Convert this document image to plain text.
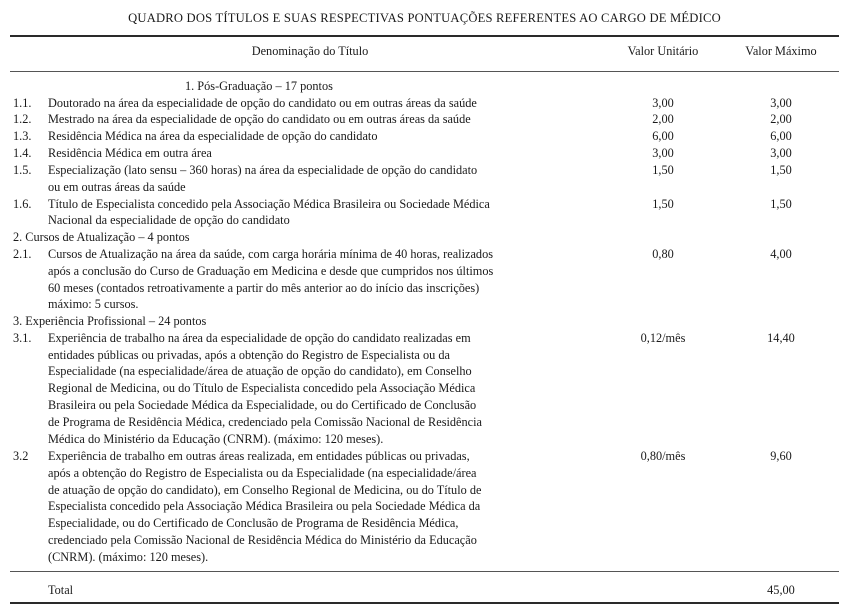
QUADRO DOS TÍTULOS E SUAS RESPECTIVAS PONTUAÇÕES REFERENTES AO CARGO DE MÉDICO
Denominação do Título	Valor Unitário	Valor Máximo
1. Pós-Graduação – 17 pontos
1.1. Doutorado na área da especialidade de opção do candidato ou em outras áreas da saúde	3,00	3,00
1.2. Mestrado na área da especialidade de opção do candidato ou em outras áreas da saúde	2,00	2,00
1.3. Residência Médica na área da especialidade de opção do candidato	6,00	6,00
1.4. Residência Médica em outra área	3,00	3,00
1.5. Especialização (lato sensu – 360 horas) na área da especialidade de opção do candidato
ou em outras áreas da saúde
1,50	1,50
1.6. Título de Especialista concedido pela Associação Médica Brasileira ou Sociedade Médica
Nacional da especialidade de opção do candidato
1,50	1,50
2. Cursos de Atualização – 4 pontos
2.1. Cursos de Atualização na área da saúde, com carga horária mínima de 40 horas, realizados
após a conclusão do Curso de Graduação em Medicina e desde que cumpridos nos últimos
60 meses (contados retroativamente a partir do mês anterior ao do início das inscrições)
máximo: 5 cursos.
0,80	4,00
3. Experiência Profissional – 24 pontos
3.1. Experiência de trabalho na área da especialidade de opção do candidato realizadas em
entidades públicas ou privadas, após a obtenção do Registro de Especialista ou da
Especialidade (na especialidade/área de atuação de opção do candidato), em Conselho
Regional de Medicina, ou do Título de Especialista concedido pela Associação Médica
Brasileira ou pela Sociedade Médica da Especialidade, ou do Certificado de Conclusão
de Programa de Residência Médica, credenciado pela Comissão Nacional de Residência
Médica do Ministério da Educação (CNRM). (máximo: 120 meses).
0,12/mês	14,40
3.2 Experiência de trabalho em outras áreas realizada, em entidades públicas ou privadas,
após a obtenção do Registro de Especialista ou da Especialidade (na especialidade/área
de atuação de opção do candidato), em Conselho Regional de Medicina, ou do Título de
Especialista concedido pela Associação Médica Brasileira ou pela Sociedade Médica da
Especialidade, ou do Certificado de Conclusão de Programa de Residência Médica,
credenciado pela Comissão Nacional de Residência Médica do Ministério da Educação
(CNRM). (máximo: 120 meses).
0,80/mês	9,60
Total	45,00
